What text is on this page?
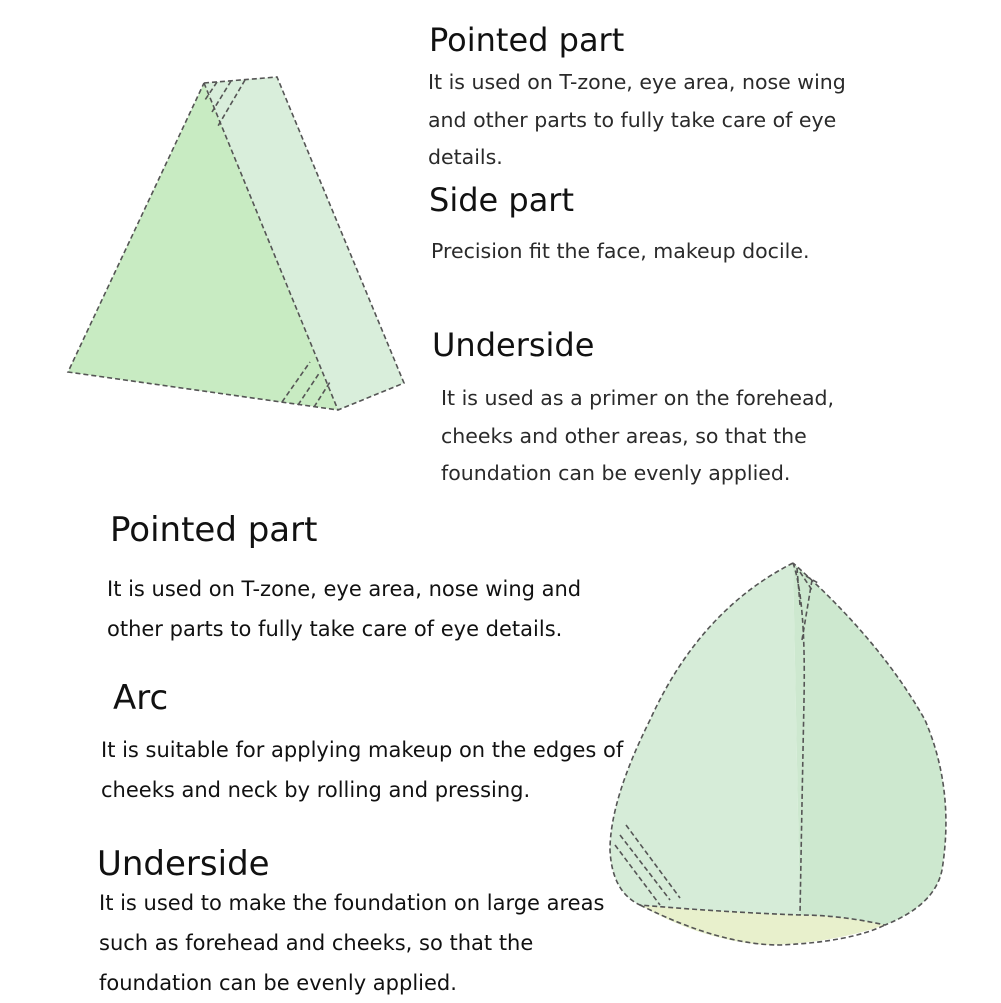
Pointed part
It is used on T-zone, eye area, nose wing and other parts to fully take care of eye details.
Side part
Precision fit the face, makeup docile.
Underside
It is used as a primer on the forehead, cheeks and other areas, so that the foundation can be evenly applied.
Pointed part
It is used on T-zone, eye area, nose wing and other parts to fully take care of eye details.
Arc
It is suitable for applying makeup on the edges of cheeks and neck by rolling and pressing.
Underside
It is used to make the foundation on large areas such as forehead and cheeks, so that the foundation can be evenly applied.
